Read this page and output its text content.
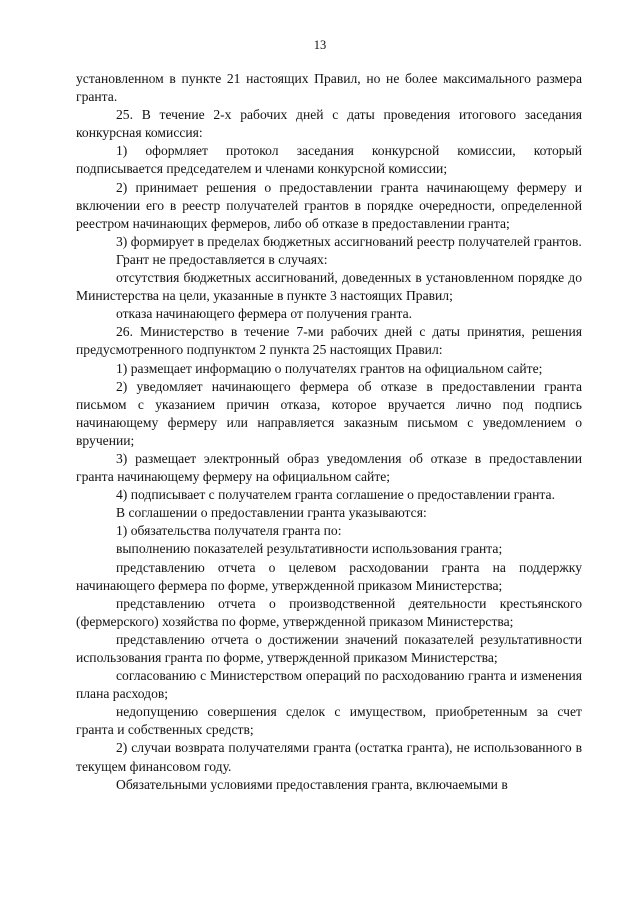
13

установленном в пункте 21 настоящих Правил, но не более максимального размера гранта.

25. В течение 2-х рабочих дней с даты проведения итогового заседания конкурсная комиссия:

1) оформляет протокол заседания конкурсной комиссии, который подписывается председателем и членами конкурсной комиссии;

2) принимает решения о предоставлении гранта начинающему фермеру и включении его в реестр получателей грантов в порядке очередности, определенной реестром начинающих фермеров, либо об отказе в предоставлении гранта;

3) формирует в пределах бюджетных ассигнований реестр получателей грантов.

Грант не предоставляется в случаях:

отсутствия бюджетных ассигнований, доведенных в установленном порядке до Министерства на цели, указанные в пункте 3 настоящих Правил;

отказа начинающего фермера от получения гранта.

26. Министерство в течение 7-ми рабочих дней с даты принятия, решения предусмотренного подпунктом 2 пункта 25 настоящих Правил:

1) размещает информацию о получателях грантов на официальном сайте;

2) уведомляет начинающего фермера об отказе в предоставлении гранта письмом с указанием причин отказа, которое вручается лично под подпись начинающему фермеру или направляется заказным письмом с уведомлением о вручении;

3) размещает электронный образ уведомления об отказе в предоставлении гранта начинающему фермеру на официальном сайте;

4) подписывает с получателем гранта соглашение о предоставлении гранта.

В соглашении о предоставлении гранта указываются:

1) обязательства получателя гранта по:

выполнению показателей результативности использования гранта;

представлению отчета о целевом расходовании гранта на поддержку начинающего фермера по форме, утвержденной приказом Министерства;

представлению отчета о производственной деятельности крестьянского (фермерского) хозяйства по форме, утвержденной приказом Министерства;

представлению отчета о достижении значений показателей результативности использования гранта по форме, утвержденной приказом Министерства;

согласованию с Министерством операций по расходованию гранта и изменения плана расходов;

недопущению совершения сделок с имуществом, приобретенным за счет гранта и собственных средств;

2) случаи возврата получателями гранта (остатка гранта), не использованного в текущем финансовом году.

Обязательными условиями предоставления гранта, включаемыми в
